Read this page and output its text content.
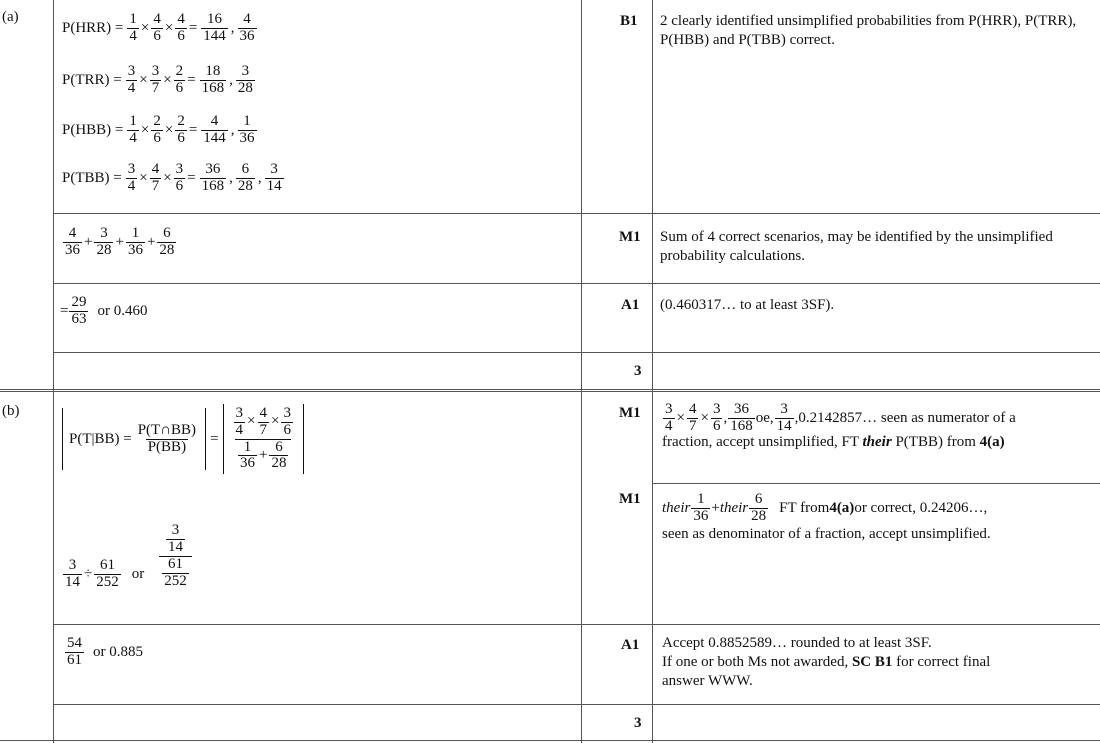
(a)
$P(HRR) = \frac{1}{4} \times \frac{4}{6} \times \frac{4}{6} = \frac{16}{144}$ , $\frac{4}{36}$
$P(TRR) = \frac{3}{4} \times \frac{3}{7} \times \frac{2}{6} = \frac{18}{168}$ , $\frac{3}{28}$
$P(HBB) = \frac{1}{4} \times \frac{2}{6} \times \frac{2}{6} = \frac{4}{144}$ , $\frac{1}{36}$
$P(TBB) = \frac{3}{4} \times \frac{4}{7} \times \frac{3}{6} = \frac{36}{168}$ , $\frac{6}{28}$ , $\frac{3}{14}$
$\frac{4}{36} + \frac{3}{28} + \frac{1}{36} + \frac{6}{28}$
= $\frac{29}{63}$ or 0.460
B1
M1
A1
3
2 clearly identified unsimplified probabilities from P(HRR), P(TRR), P(HBB) and P(TBB) correct.
Sum of 4 correct scenarios, may be identified by the unsimplified probability calculations.
(0.460317… to at least 3SF).
(b)
$P(T|BB) = \frac{P(T\cap BB)}{P(BB)} = \frac{\frac{3}{4} \times \frac{4}{7} \times \frac{3}{6}}{\frac{1}{36} + \frac{6}{28}}$
$\frac{3}{14} \div \frac{61}{252}$ or $\frac{\frac{3}{14}}{\frac{61}{252}}$
$\frac{54}{61}$ or 0.885
M1
M1
A1
3
$\frac{3}{4} \times \frac{4}{7} \times \frac{3}{6}$ , $\frac{36}{168}$ oe, $\frac{3}{14}$ ,0.2142857… seen as numerator of a
fraction, accept unsimplified, FT their P(TBB) from 4(a)
their $\frac{1}{36}$ + their $\frac{6}{28}$ FT from 4(a) or correct, 0.24206…,
seen as denominator of a fraction, accept unsimplified.
Accept 0.8852589… rounded to at least 3SF.
If one or both Ms not awarded, SC B1 for correct final
answer WWW.
